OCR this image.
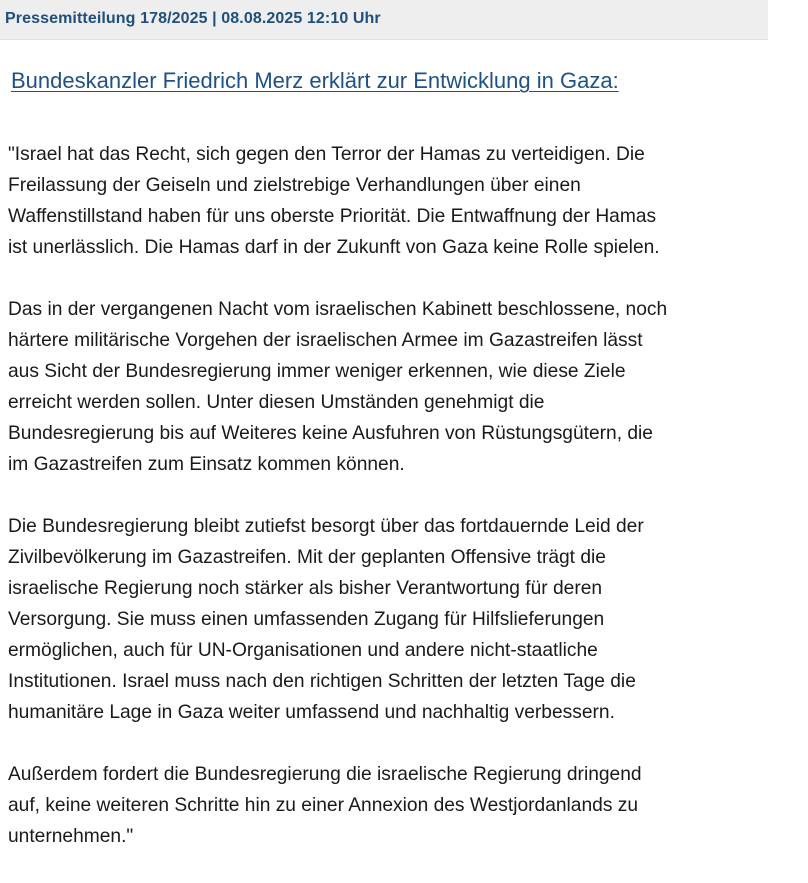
Pressemitteilung 178/2025 | 08.08.2025 12:10 Uhr
Bundeskanzler Friedrich Merz erklärt zur Entwicklung in Gaza:

"Israel hat das Recht, sich gegen den Terror der Hamas zu verteidigen. Die
Freilassung der Geiseln und zielstrebige Verhandlungen über einen
Waffenstillstand haben für uns oberste Priorität. Die Entwaffnung der Hamas
ist unerlässlich. Die Hamas darf in der Zukunft von Gaza keine Rolle spielen.

Das in der vergangenen Nacht vom israelischen Kabinett beschlossene, noch
härtere militärische Vorgehen der israelischen Armee im Gazastreifen lässt
aus Sicht der Bundesregierung immer weniger erkennen, wie diese Ziele
erreicht werden sollen. Unter diesen Umständen genehmigt die
Bundesregierung bis auf Weiteres keine Ausfuhren von Rüstungsgütern, die
im Gazastreifen zum Einsatz kommen können.

Die Bundesregierung bleibt zutiefst besorgt über das fortdauernde Leid der
Zivilbevölkerung im Gazastreifen. Mit der geplanten Offensive trägt die
israelische Regierung noch stärker als bisher Verantwortung für deren
Versorgung. Sie muss einen umfassenden Zugang für Hilfslieferungen
ermöglichen, auch für UN-Organisationen und andere nicht-staatliche
Institutionen. Israel muss nach den richtigen Schritten der letzten Tage die
humanitäre Lage in Gaza weiter umfassend und nachhaltig verbessern.

Außerdem fordert die Bundesregierung die israelische Regierung dringend
auf, keine weiteren Schritte hin zu einer Annexion des Westjordanlands zu
unternehmen."
